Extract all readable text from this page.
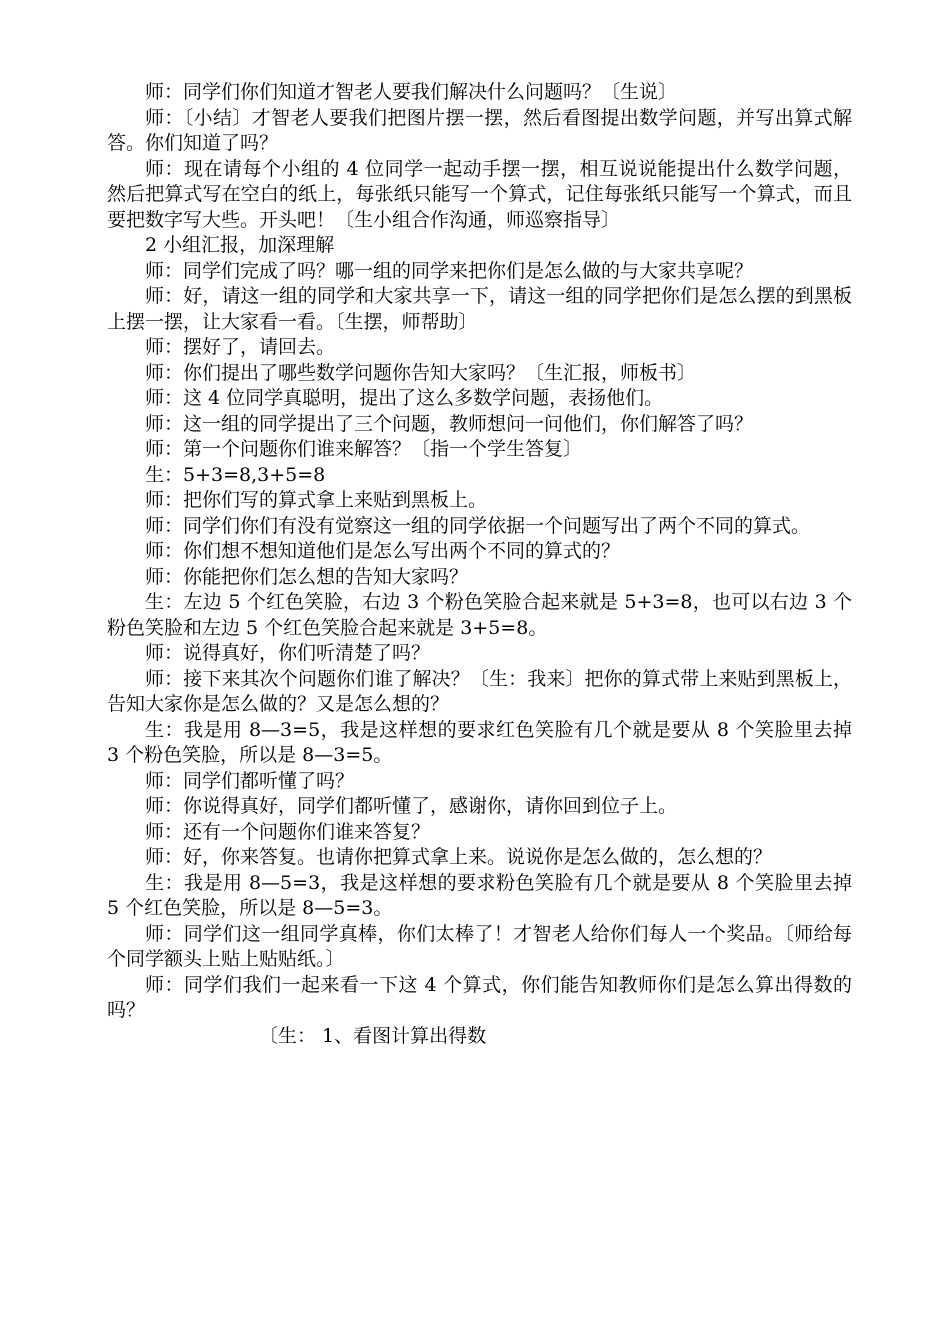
师：同学们你们知道才智老人要我们解决什么问题吗？〔生说〕

师：〔小结〕才智老人要我们把图片摆一摆，然后看图提出数学问题，并写出算式解答。你们知道了吗？

师：现在请每个小组的 4 位同学一起动手摆一摆，相互说说能提出什么数学问题，然后把算式写在空白的纸上，每张纸只能写一个算式，记住每张纸只能写一个算式，而且要把数字写大些。开头吧！〔生小组合作沟通，师巡察指导〕

2 小组汇报，加深理解

师：同学们完成了吗？哪一组的同学来把你们是怎么做的与大家共享呢？

师：好，请这一组的同学和大家共享一下，请这一组的同学把你们是怎么摆的到黑板上摆一摆，让大家看一看。〔生摆，师帮助〕

师：摆好了，请回去。

师：你们提出了哪些数学问题你告知大家吗？〔生汇报，师板书〕

师：这 4 位同学真聪明，提出了这么多数学问题，表扬他们。

师：这一组的同学提出了三个问题，教师想问一问他们，你们解答了吗？

师：第一个问题你们谁来解答？〔指一个学生答复〕

生：5+3=8,3+5=8

师：把你们写的算式拿上来贴到黑板上。

师：同学们你们有没有觉察这一组的同学依据一个问题写出了两个不同的算式。

师：你们想不想知道他们是怎么写出两个不同的算式的？

师：你能把你们怎么想的告知大家吗？

生：左边 5 个红色笑脸，右边 3 个粉色笑脸合起来就是 5+3=8，也可以右边 3 个粉色笑脸和左边 5 个红色笑脸合起来就是 3+5=8。

师：说得真好，你们听清楚了吗？

师：接下来其次个问题你们谁了解决？〔生：我来〕把你的算式带上来贴到黑板上，告知大家你是怎么做的？又是怎么想的？

生：我是用 8—3=5，我是这样想的要求红色笑脸有几个就是要从 8 个笑脸里去掉 3 个粉色笑脸，所以是 8—3=5。

师：同学们都听懂了吗？

师：你说得真好，同学们都听懂了，感谢你，请你回到位子上。

师：还有一个问题你们谁来答复？

师：好，你来答复。也请你把算式拿上来。说说你是怎么做的，怎么想的？

生：我是用 8—5=3，我是这样想的要求粉色笑脸有几个就是要从 8 个笑脸里去掉 5 个红色笑脸，所以是 8—5=3。

师：同学们这一组同学真棒，你们太棒了！才智老人给你们每人一个奖品。〔师给每个同学额头上贴上贴贴纸。〕

师：同学们我们一起来看一下这 4 个算式，你们能告知教师你们是怎么算出得数的吗？

〔生： 1、看图计算出得数
